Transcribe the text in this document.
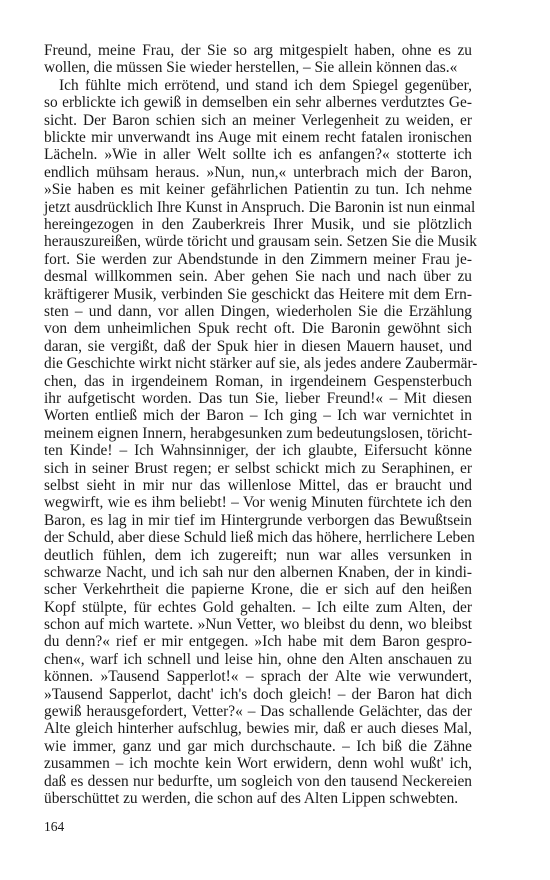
Freund, meine Frau, der Sie so arg mitgespielt haben, ohne es zu
wollen, die müssen Sie wieder herstellen, – Sie allein können das.«
Ich fühlte mich errötend, und stand ich dem Spiegel gegenüber,
so erblickte ich gewiß in demselben ein sehr albernes verdutztes Ge-
sicht. Der Baron schien sich an meiner Verlegenheit zu weiden, er
blickte mir unverwandt ins Auge mit einem recht fatalen ironischen
Lächeln. »Wie in aller Welt sollte ich es anfangen?« stotterte ich
endlich mühsam heraus. »Nun, nun,« unterbrach mich der Baron,
»Sie haben es mit keiner gefährlichen Patientin zu tun. Ich nehme
jetzt ausdrücklich Ihre Kunst in Anspruch. Die Baronin ist nun einmal
hereingezogen in den Zauberkreis Ihrer Musik, und sie plötzlich
herauszureißen, würde töricht und grausam sein. Setzen Sie die Musik
fort. Sie werden zur Abendstunde in den Zimmern meiner Frau je-
desmal willkommen sein. Aber gehen Sie nach und nach über zu
kräftigerer Musik, verbinden Sie geschickt das Heitere mit dem Ern-
sten – und dann, vor allen Dingen, wiederholen Sie die Erzählung
von dem unheimlichen Spuk recht oft. Die Baronin gewöhnt sich
daran, sie vergißt, daß der Spuk hier in diesen Mauern hauset, und
die Geschichte wirkt nicht stärker auf sie, als jedes andere Zaubermär-
chen, das in irgendeinem Roman, in irgendeinem Gespensterbuch
ihr aufgetischt worden. Das tun Sie, lieber Freund!« – Mit diesen
Worten entließ mich der Baron – Ich ging – Ich war vernichtet in
meinem eignen Innern, herabgesunken zum bedeutungslosen, töricht-
ten Kinde! – Ich Wahnsinniger, der ich glaubte, Eifersucht könne
sich in seiner Brust regen; er selbst schickt mich zu Seraphinen, er
selbst sieht in mir nur das willenlose Mittel, das er braucht und
wegwirft, wie es ihm beliebt! – Vor wenig Minuten fürchtete ich den
Baron, es lag in mir tief im Hintergrunde verborgen das Bewußtsein
der Schuld, aber diese Schuld ließ mich das höhere, herrlichere Leben
deutlich fühlen, dem ich zugereift; nun war alles versunken in
schwarze Nacht, und ich sah nur den albernen Knaben, der in kindi-
scher Verkehrtheit die papierne Krone, die er sich auf den heißen
Kopf stülpte, für echtes Gold gehalten. – Ich eilte zum Alten, der
schon auf mich wartete. »Nun Vetter, wo bleibst du denn, wo bleibst
du denn?« rief er mir entgegen. »Ich habe mit dem Baron gespro-
chen«, warf ich schnell und leise hin, ohne den Alten anschauen zu
können. »Tausend Sapperlot!« – sprach der Alte wie verwundert,
»Tausend Sapperlot, dacht' ich's doch gleich! – der Baron hat dich
gewiß herausgefordert, Vetter?« – Das schallende Gelächter, das der
Alte gleich hinterher aufschlug, bewies mir, daß er auch dieses Mal,
wie immer, ganz und gar mich durchschaute. – Ich biß die Zähne
zusammen – ich mochte kein Wort erwidern, denn wohl wußt' ich,
daß es dessen nur bedurfte, um sogleich von den tausend Neckereien
überschüttet zu werden, die schon auf des Alten Lippen schwebten.
164
